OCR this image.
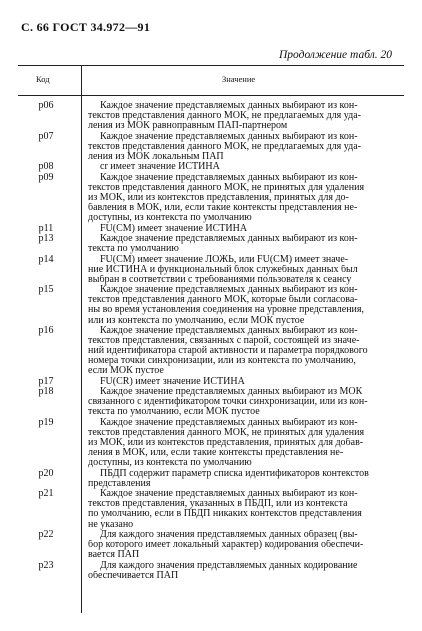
С. 66 ГОСТ 34.972—91
Продолжение табл. 20
Код	Значение
p06	Каждое значение представляемых данных выбирают из кон-
текстов представления данного МОК, не предлагаемых для уда-
ления из МОК равноправным ПАП-партнером
p07	Каждое значение представляемых данных выбирают из кон-
текстов представления данного МОК, не предлагаемых для уда-
ления из МОК локальным ПАП
p08	cr имеет значение ИСТИНА
p09	Каждое значение представляемых данных выбирают из кон-
текстов представления данного МОК, не принятых для удаления
из МОК, или из контекстов представления, принятых для до-
бавления в МОК, или, если такие контексты представления не-
доступны, из контекста по умолчанию
p11	FU(CM) имеет значение ИСТИНА
p13	Каждое значение представляемых данных выбирают из кон-
текста по умолчанию
p14	FU(CM) имеет значение ЛОЖЬ, или FU(CM) имеет значе-
ние ИСТИНА и функциональный блок служебных данных был
выбран в соответствии с требованиями пользователя к сеансу
p15	Каждое значение представляемых данных выбирают из кон-
текстов представления данного МОК, которые были согласова-
ны во время установления соединения на уровне представления,
или из контекста по умолчанию, если МОК пустое
p16	Каждое значение представляемых данных выбирают из кон-
текстов представления, связанных с парой, состоящей из значе-
ний идентификатора старой активности и параметра порядкового
номера точки синхронизации, или из контекста по умолчанию,
если МОК пустое
p17	FU(CR) имеет значение ИСТИНА
p18	Каждое значение представляемых данных выбирают из МОК
связанного с идентификатором точки синхронизации, или из кон-
текста по умолчанию, если МОК пустое
p19	Каждое значение представляемых данных выбирают из кон-
текстов представления данного МОК, не принятых для удаления
из МОК, или из контекстов представления, принятых для добав-
ления в МОК, или, если такие контексты представления не-
доступны, из контекста по умолчанию
p20	ПБДП содержит параметр списка идентификаторов контекстов
представления
p21	Каждое значение представляемых данных выбирают из кон-
текстов представления, указанных в ПБДП, или из контекста
по умолчанию, если в ПБДП никаких контекстов представления
не указано
p22	Для каждого значения представляемых данных образец (вы-
бор которого имеет локальный характер) кодирования обеспечи-
вается ПАП
p23	Для каждого значения представляемых данных кодирование
обеспечивается ПАП
